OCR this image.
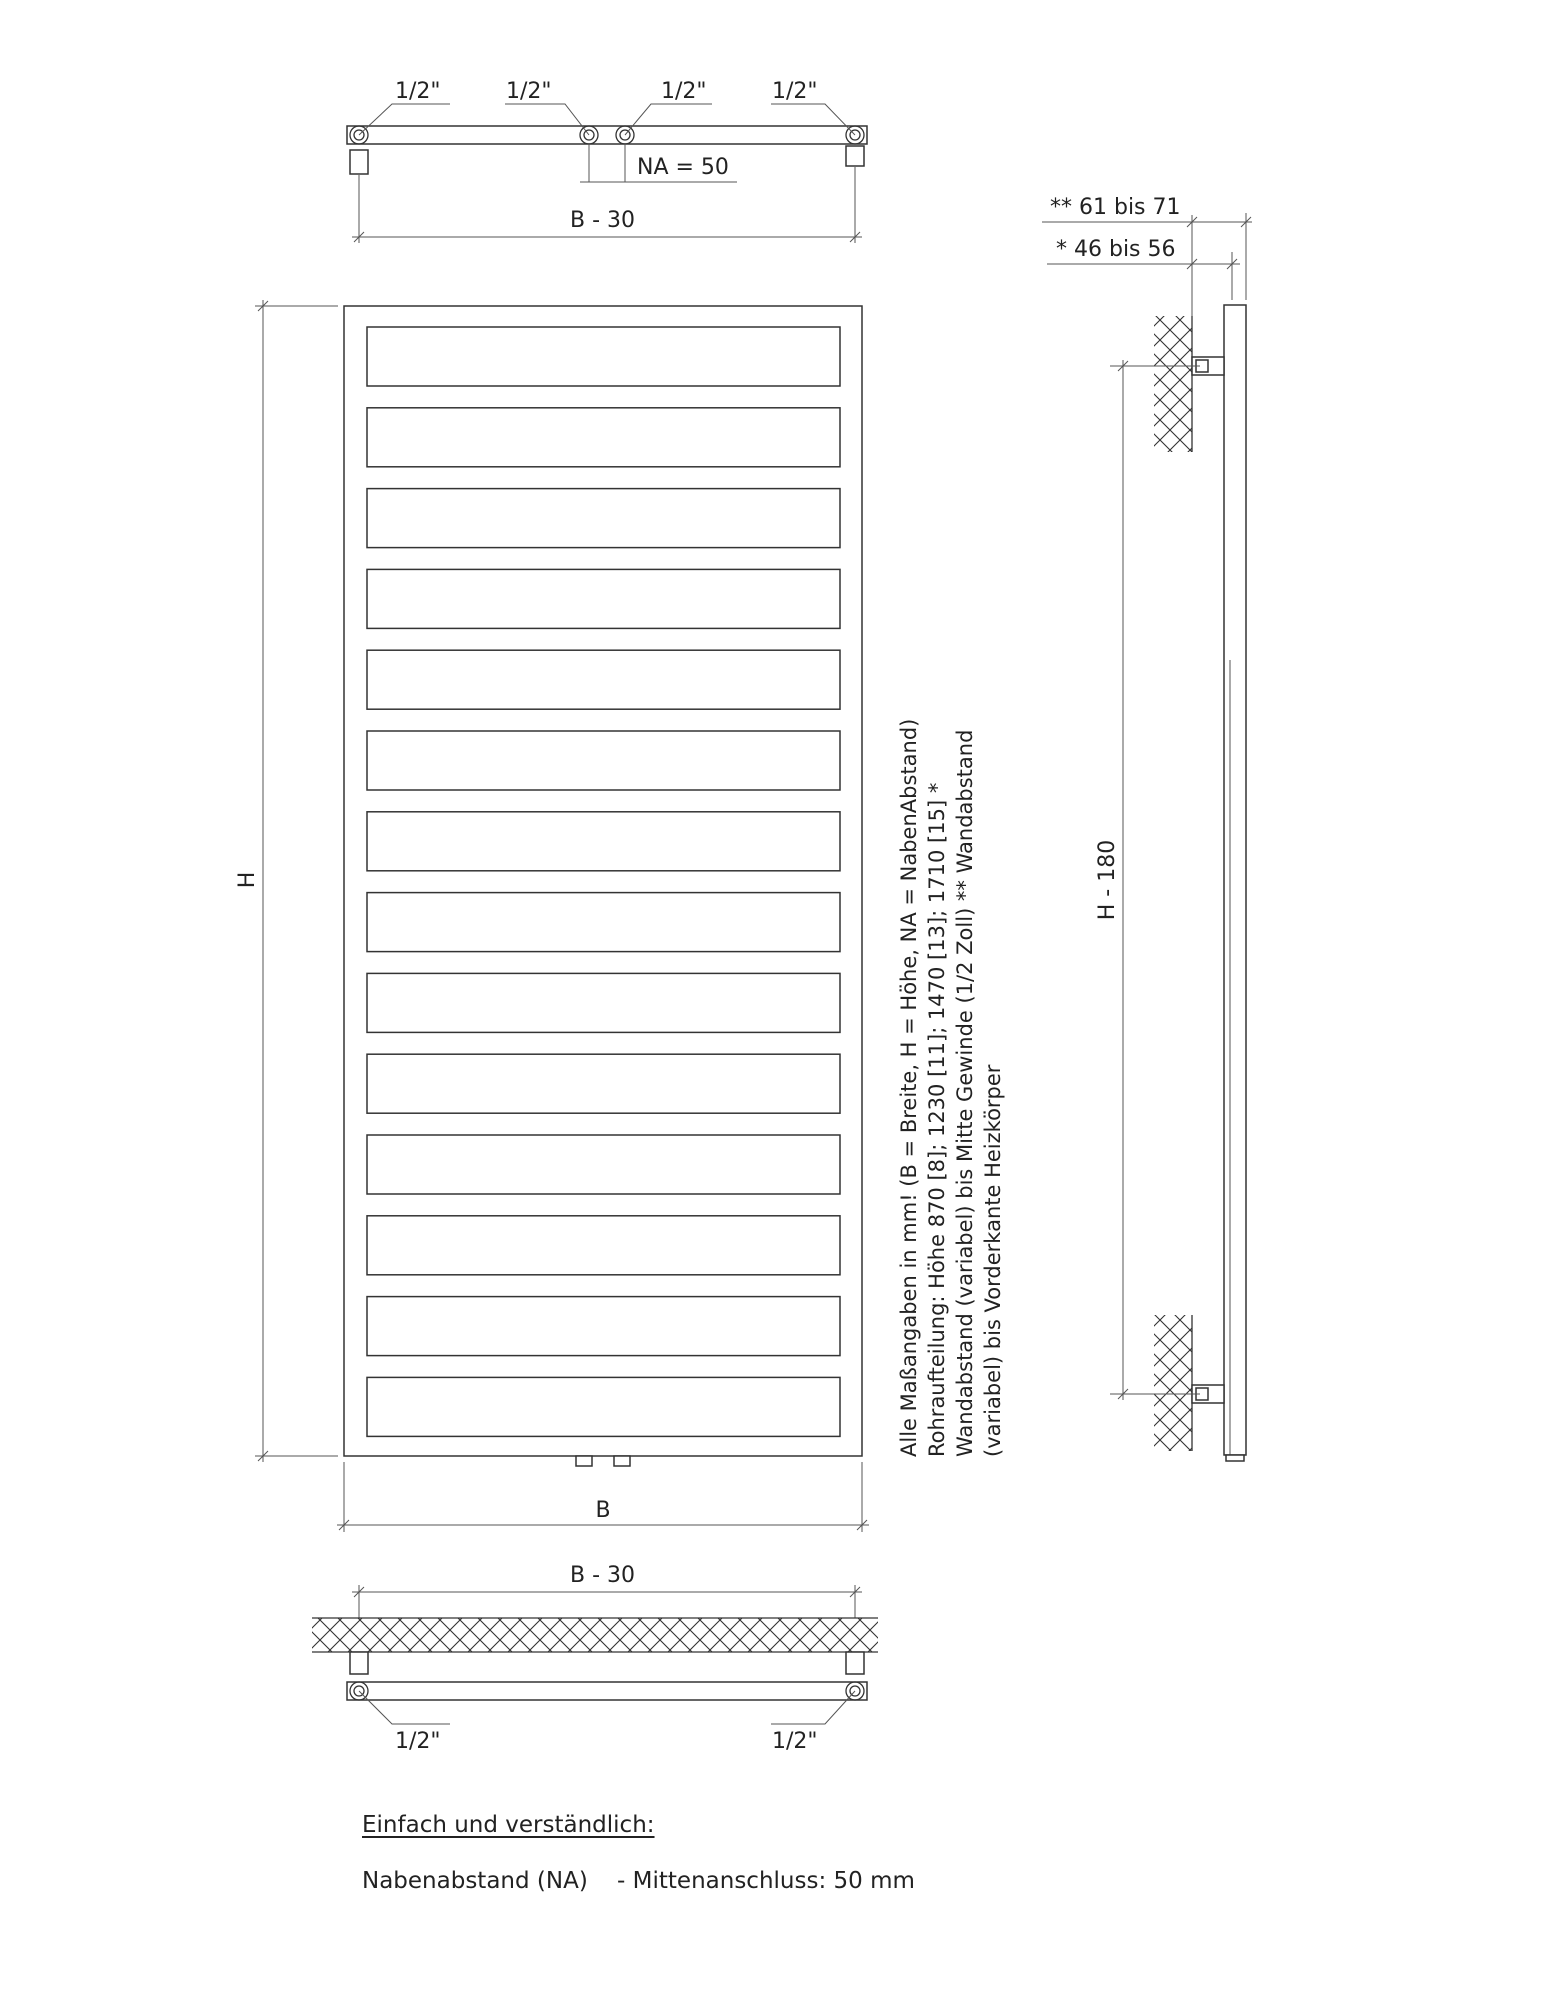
1/2"	1/2"	1/2"	1/2"
NA = 50
B - 30
H
B
Alle Maßangaben in mm! (B = Breite, H = Höhe, NA = NabenAbstand) Rohraufteilung: Höhe 870 [8]; 1230 [11]; 1470 [13]; 1710 [15] * Wandabstand (variabel) bis Mitte Gewinde (1/2 Zoll) ** Wandabstand (variabel) bis Vorderkante Heizkörper
H - 180
** 61 bis 71
* 46 bis 56
B - 30
1/2"	1/2"
Einfach und verständlich:
Nabenabstand (NA)    - Mittenanschluss: 50 mm
